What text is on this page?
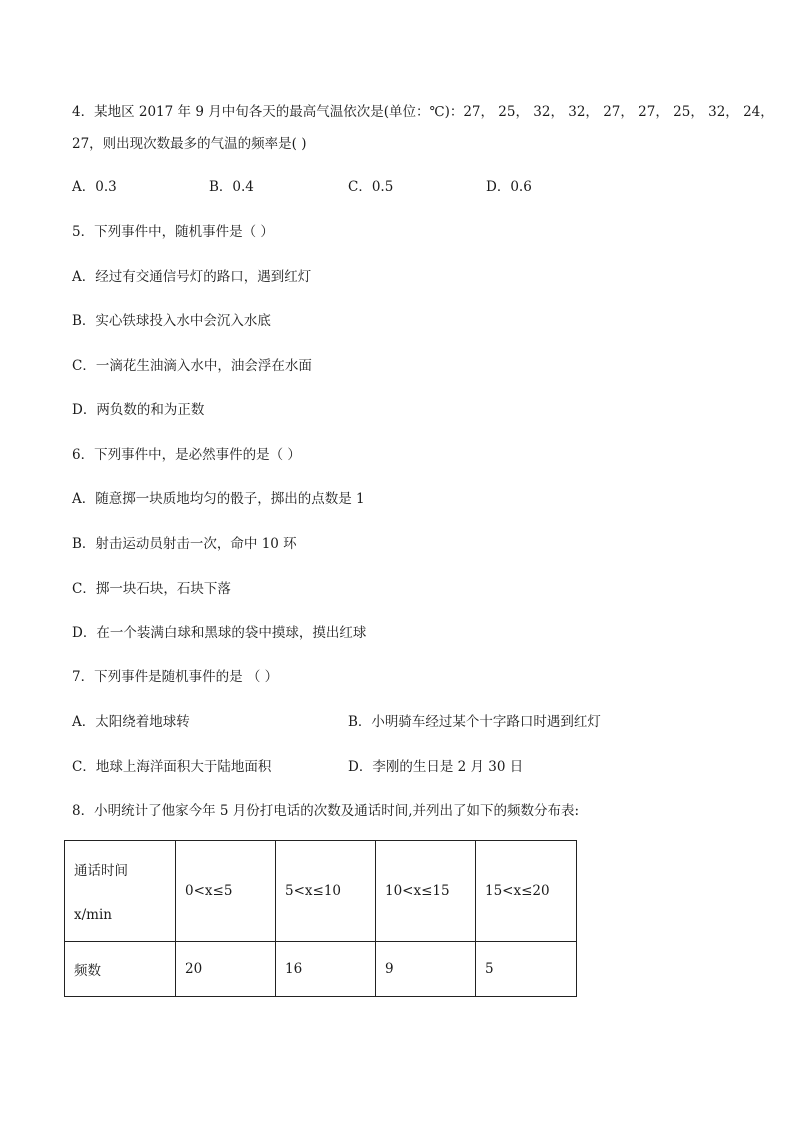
4．某地区 2017 年 9 月中旬各天的最高气温依次是(单位：℃)：27， 25， 32， 32， 27， 27， 25， 32， 24，
27，则出现次数最多的气温的频率是( )
A．0.3	B．0.4	C．0.5	D．0.6
5．下列事件中，随机事件是（ ）
A．经过有交通信号灯的路口，遇到红灯
B．实心铁球投入水中会沉入水底
C．一滴花生油滴入水中，油会浮在水面
D．两负数的和为正数
6．下列事件中，是必然事件的是（ ）
A．随意掷一块质地均匀的骰子，掷出的点数是 1
B．射击运动员射击一次，命中 10 环
C．掷一块石块，石块下落
D．在一个装满白球和黑球的袋中摸球，摸出红球
7．下列事件是随机事件的是 （ ）
A．太阳绕着地球转	B．小明骑车经过某个十字路口时遇到红灯
C．地球上海洋面积大于陆地面积	D．李刚的生日是 2 月 30 日
8．小明统计了他家今年 5 月份打电话的次数及通话时间,并列出了如下的频数分布表:
通话时间
x/min	0<x≤5	5<x≤10	10<x≤15	15<x≤20
频数	20	16	9	5
